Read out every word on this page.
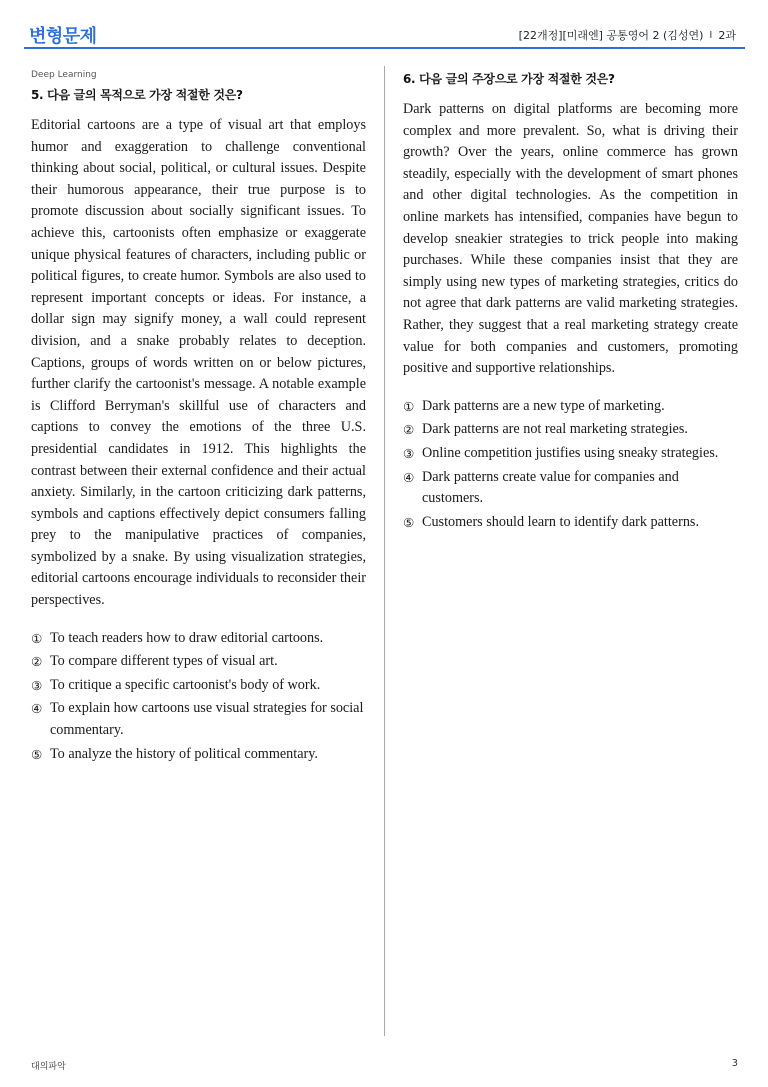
변형문제	[22개정][미래엔] 공통영어 2 (김성연) I 2과
Deep Learning
5. 다음 글의 목적으로 가장 적절한 것은?

Editorial cartoons are a type of visual art that employs humor and exaggeration to challenge conventional thinking about social, political, or cultural issues. Despite their humorous appearance, their true purpose is to promote discussion about socially significant issues. To achieve this, cartoonists often emphasize or exaggerate unique physical features of characters, including public or political figures, to create humor. Symbols are also used to represent important concepts or ideas. For instance, a dollar sign may signify money, a wall could represent division, and a snake probably relates to deception. Captions, groups of words written on or below pictures, further clarify the cartoonist's message. A notable example is Clifford Berryman's skillful use of characters and captions to convey the emotions of the three U.S. presidential candidates in 1912. This highlights the contrast between their external confidence and their actual anxiety. Similarly, in the cartoon criticizing dark patterns, symbols and captions effectively depict consumers falling prey to the manipulative practices of companies, symbolized by a snake. By using visualization strategies, editorial cartoons encourage individuals to reconsider their perspectives.

① To teach readers how to draw editorial cartoons.
② To compare different types of visual art.
③ To critique a specific cartoonist's body of work.
④ To explain how cartoons use visual strategies for social commentary.
⑤ To analyze the history of political commentary.
6. 다음 글의 주장으로 가장 적절한 것은?

Dark patterns on digital platforms are becoming more complex and more prevalent. So, what is driving their growth? Over the years, online commerce has grown steadily, especially with the development of smart phones and other digital technologies. As the competition in online markets has intensified, companies have begun to develop sneakier strategies to trick people into making purchases. While these companies insist that they are simply using new types of marketing strategies, critics do not agree that dark patterns are valid marketing strategies. Rather, they suggest that a real marketing strategy create value for both companies and customers, promoting positive and supportive relationships.

① Dark patterns are a new type of marketing.
② Dark patterns are not real marketing strategies.
③ Online competition justifies using sneaky strategies.
④ Dark patterns create value for companies and customers.
⑤ Customers should learn to identify dark patterns.
대의파악	3
